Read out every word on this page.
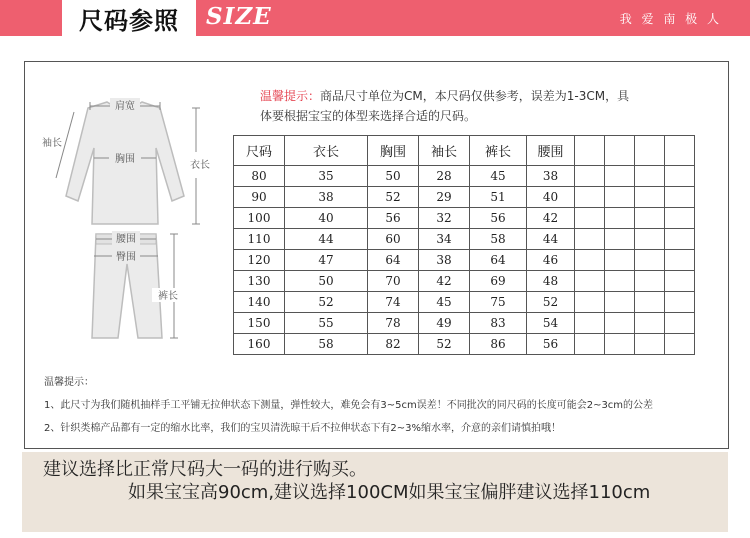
尺码参照 SIZE	我 爱 南 极 人
肩宽
胸围
袖长
衣长
腰围
臀围
裤长
温馨提示：商品尺寸单位为CM，本尺码仅供参考，误差为1-3CM，具
体要根据宝宝的体型来选择合适的尺码。
尺码	衣长	胸围	袖长	裤长	腰围				
80	35	50	28	45	38				
90	38	52	29	51	40				
100	40	56	32	56	42				
110	44	60	34	58	44				
120	47	64	38	64	46				
130	50	70	42	69	48				
140	52	74	45	75	52				
150	55	78	49	83	54				
160	58	82	52	86	56				
温馨提示：
1、此尺寸为我们随机抽样手工平铺无拉伸状态下测量，弹性较大，难免会有3~5cm误差！不同批次的同尺码的长度可能会2~3cm的公差
2、针织类棉产品都有一定的缩水比率，我们的宝贝清洗晾干后不拉伸状态下有2~3%缩水率，介意的亲们请慎拍哦！
建议选择比正常尺码大一码的进行购买。
如果宝宝高90cm,建议选择100CM如果宝宝偏胖建议选择110cm
